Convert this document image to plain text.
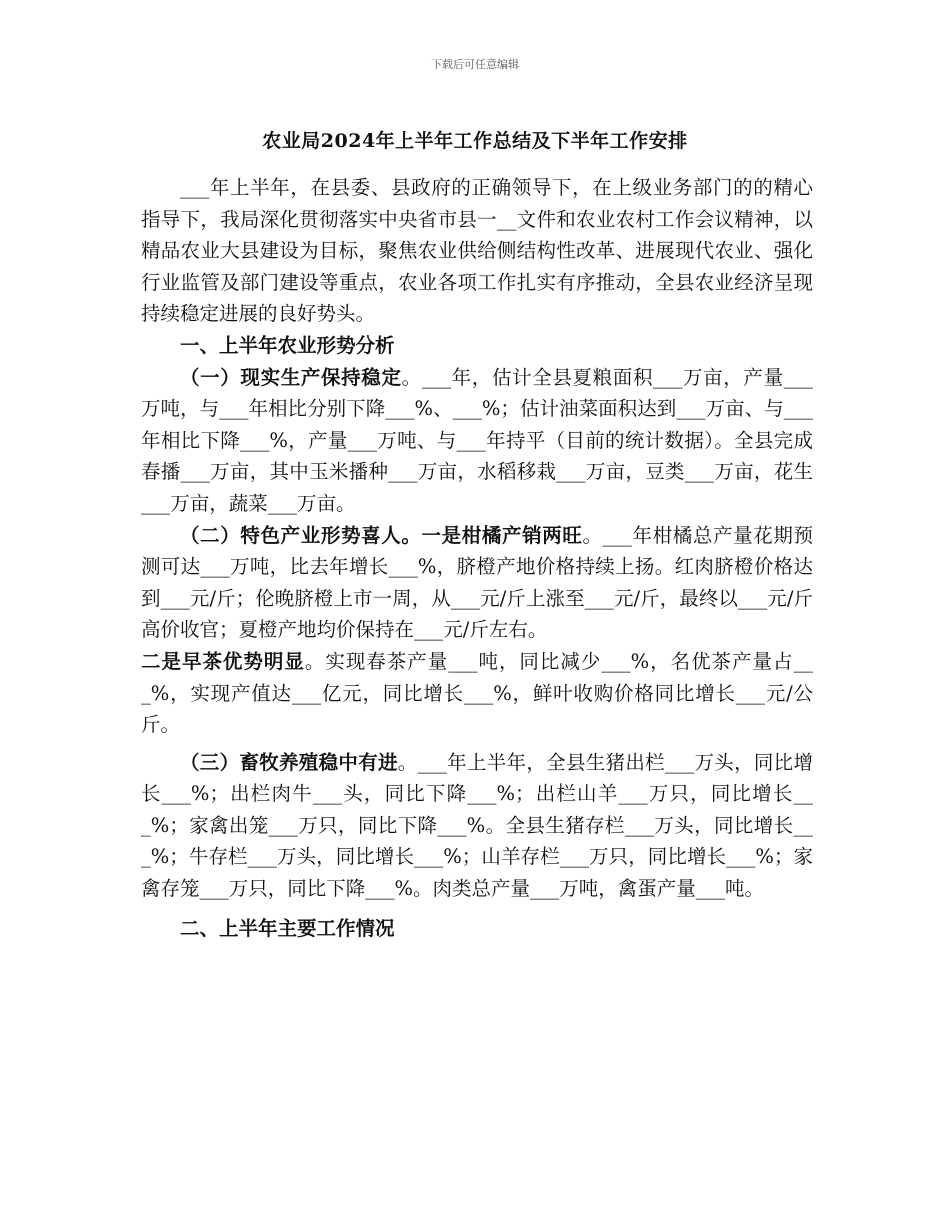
下载后可任意编辑
农业局2024年上半年工作总结及下半年工作安排

___年上半年，在县委、县政府的正确领导下，在上级业务部门的的精心指导下，我局深化贯彻落实中央省市县一__文件和农业农村工作会议精神，以精品农业大县建设为目标，聚焦农业供给侧结构性改革、进展现代农业、强化行业监管及部门建设等重点，农业各项工作扎实有序推动，全县农业经济呈现持续稳定进展的良好势头。

一、上半年农业形势分析

（一）现实生产保持稳定。___年，估计全县夏粮面积___万亩，产量___万吨，与___年相比分别下降___%、___%；估计油菜面积达到___万亩、与___年相比下降___%，产量___万吨、与___年持平（目前的统计数据）。全县完成春播___万亩，其中玉米播种___万亩，水稻移栽___万亩，豆类___万亩，花生___万亩，蔬菜___万亩。

（二）特色产业形势喜人。一是柑橘产销两旺。___年柑橘总产量花期预测可达___万吨，比去年增长___%，脐橙产地价格持续上扬。红肉脐橙价格达到___元/斤；伦晚脐橙上市一周，从___元/斤上涨至___元/斤，最终以___元/斤高价收官；夏橙产地均价保持在___元/斤左右。

二是早茶优势明显。实现春茶产量___吨，同比减少___%，名优茶产量占___%，实现产值达___亿元，同比增长___%，鲜叶收购价格同比增长___元/公斤。

（三）畜牧养殖稳中有进。___年上半年，全县生猪出栏___万头，同比增长___%；出栏肉牛___头，同比下降___%；出栏山羊___万只，同比增长___%；家禽出笼___万只，同比下降___%。全县生猪存栏___万头，同比增长___%；牛存栏___万头，同比增长___%；山羊存栏___万只，同比增长___%；家禽存笼___万只，同比下降___%。肉类总产量___万吨，禽蛋产量___吨。

二、上半年主要工作情况
